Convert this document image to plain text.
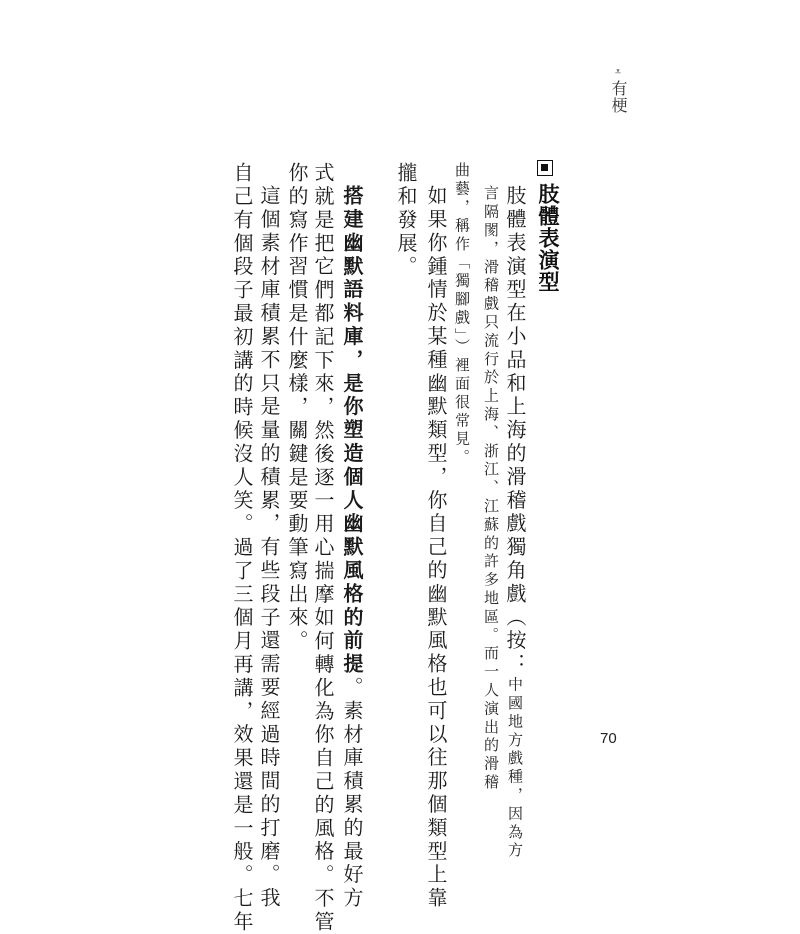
⩡
有梗
肢體表演型
肢體表演型在小品和上海的滑稽戲獨角戲（按：中國地方戲種，因為方
言隔閡，滑稽戲只流行於上海、浙江、江蘇的許多地區。而一人演出的滑稽
曲藝，稱作「獨腳戲」）裡面很常見。
如果你鍾情於某種幽默類型，你自己的幽默風格也可以往那個類型上靠
攏和發展。
搭建幽默語料庫，是你塑造個人幽默風格的前提。素材庫積累的最好方
式就是把它們都記下來，然後逐一用心揣摩如何轉化為你自己的風格。不管
你的寫作習慣是什麼樣，關鍵是要動筆寫出來。
這個素材庫積累不只是量的積累，有些段子還需要經過時間的打磨。我
自己有個段子最初講的時候沒人笑。過了三個月再講，效果還是一般。七年	70
